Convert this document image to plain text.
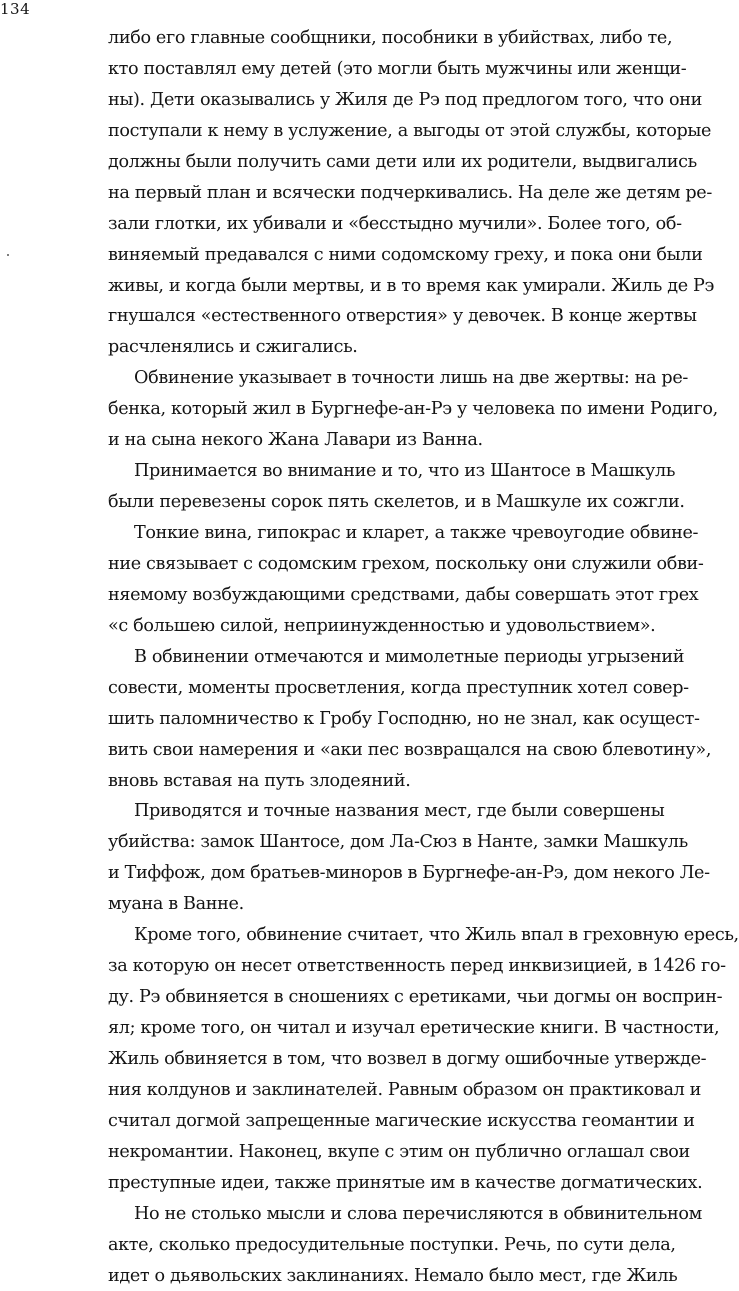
134
либо его главные сообщники, пособники в убийствах, либо те,
кто поставлял ему детей (это могли быть мужчины или женщи-
ны). Дети оказывались у Жиля де Рэ под предлогом того, что они
поступали к нему в услужение, а выгоды от этой службы, которые
должны были получить сами дети или их родители, выдвигались
на первый план и всячески подчеркивались. На деле же детям ре-
зали глотки, их убивали и «бесстыдно мучили». Более того, об-
виняемый предавался с ними содомскому греху, и пока они были
живы, и когда были мертвы, и в то время как умирали. Жиль де Рэ
гнушался «естественного отверстия» у девочек. В конце жертвы
расчленялись и сжигались.
Обвинение указывает в точности лишь на две жертвы: на ре-
бенка, который жил в Бургнефе-ан-Рэ у человека по имени Родиго,
и на сына некого Жана Лавари из Ванна.
Принимается во внимание и то, что из Шантосе в Машкуль
были перевезены сорок пять скелетов, и в Машкуле их сожгли.
Тонкие вина, гипокрас и кларет, а также чревоугодие обвине-
ние связывает с содомским грехом, поскольку они служили обви-
няемому возбуждающими средствами, дабы совершать этот грех
«с большею силой, неприинужденностью и удовольствием».
В обвинении отмечаются и мимолетные периоды угрызений
совести, моменты просветления, когда преступник хотел совер-
шить паломничество к Гробу Господню, но не знал, как осущест-
вить свои намерения и «аки пес возвращался на свою блевотину»,
вновь вставая на путь злодеяний.
Приводятся и точные названия мест, где были совершены
убийства: замок Шантосе, дом Ла-Сюз в Нанте, замки Машкуль
и Тиффож, дом братьев-миноров в Бургнефе-ан-Рэ, дом некого Ле-
муана в Ванне.
Кроме того, обвинение считает, что Жиль впал в греховную ересь,
за которую он несет ответственность перед инквизицией, в 1426 го-
ду. Рэ обвиняется в сношениях с еретиками, чьи догмы он восприн-
ял; кроме того, он читал и изучал еретические книги. В частности,
Жиль обвиняется в том, что возвел в догму ошибочные утвержде-
ния колдунов и заклинателей. Равным образом он практиковал и
считал догмой запрещенные магические искусства геомантии и
некромантии. Наконец, вкупе с этим он публично оглашал свои
преступные идеи, также принятые им в качестве догматических.
Но не столько мысли и слова перечисляются в обвинительном
акте, сколько предосудительные поступки. Речь, по сути дела,
идет о дьявольских заклинаниях. Немало было мест, где Жиль
